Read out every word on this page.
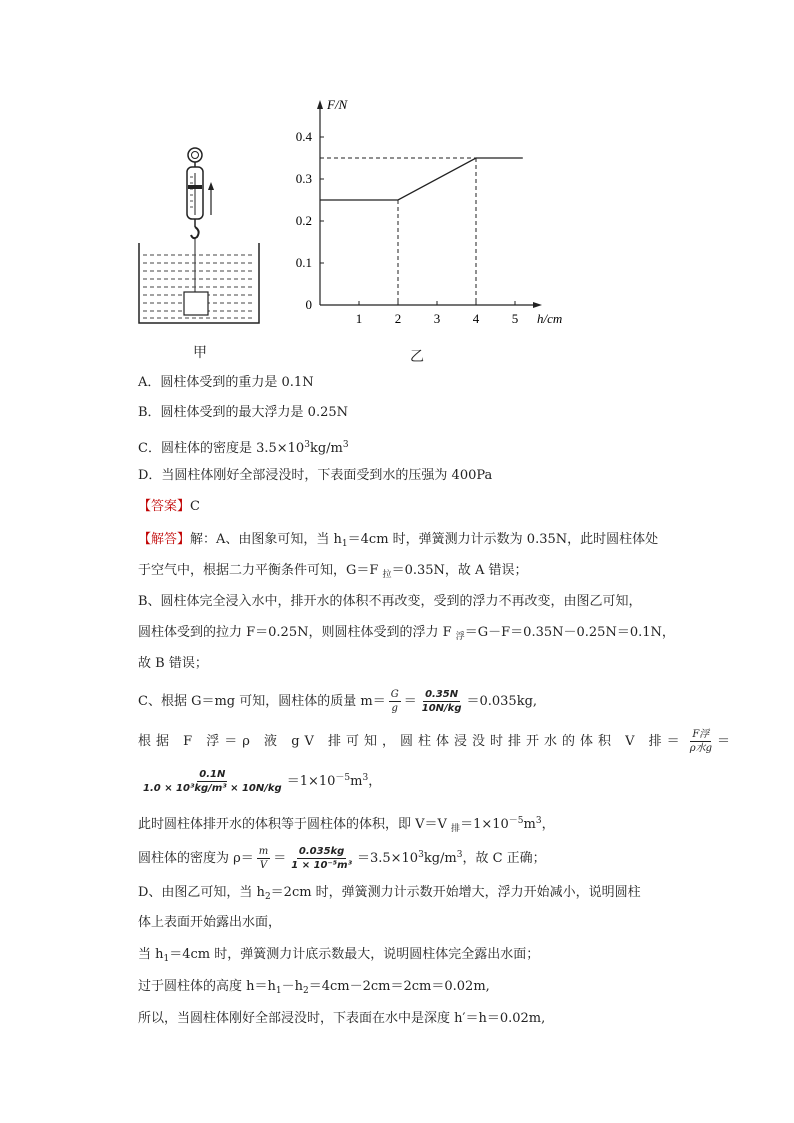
甲
F/N
h/cm
0.4
0.3
0.2
0.1
0
1	2	3	4	5
乙
A．圆柱体受到的重力是 0.1N
B．圆柱体受到的最大浮力是 0.25N
C．圆柱体的密度是 $3.5\times 10^3kg/m^3$
D．当圆柱体刚好全部浸没时，下表面受到水的压强为 400Pa
【答案】C
【解答】解：A、由图象可知，当 $h_1=4cm$ 时，弹簧测力计示数为 0.35N，此时圆柱体处
于空气中，根据二力平衡条件可知，G＝F $_拉$＝0.35N，故 A 错误；
B、圆柱体完全浸入水中，排开水的体积不再改变，受到的浮力不再改变，由图乙可知，
圆柱体受到的拉力 F＝0.25N，则圆柱体受到的浮力 F $_浮$＝G－F＝0.35N－0.25N＝0.1N，
故 B 错误；
C、根据 G＝mg 可知，圆柱体的质量 $m= \frac{G}{g} = \frac{0.35N}{10N/kg} =0.035kg$,
根据 F 浮＝ρ 液 gV 排可知，圆柱体浸没时排开水的体积 V 排＝ $\frac{\text{F浮}}{\text{ρ水g}}$ ＝
$\frac{0.1N}{\text{1.0 × 10³kg/m³ × 10N/kg}} =1\times 10^{-5}m^3$，
此时圆柱体排开水的体积等于圆柱体的体积，即 V＝V $_排=1\times 10^{-5}m^3$，
圆柱体的密度为 $\rho= \frac{m}{V} = \frac{0.035kg}{\text{1 × 10⁻⁵m³}} =3.5\times 10^3kg/m^3$，故 C 正确；
D、由图乙可知，当 $h_2=2cm$ 时，弹簧测力计示数开始增大，浮力开始减小，说明圆柱
体上表面开始露出水面，
当 $h_1=4cm$ 时，弹簧测力计底示数最大，说明圆柱体完全露出水面；
过于圆柱体的高度 $h=h_1-h_2=4cm-2cm=2cm=0.02m$,
所以，当圆柱体刚好全部浸没时，下表面在水中是深度 h′＝h＝0.02m,
